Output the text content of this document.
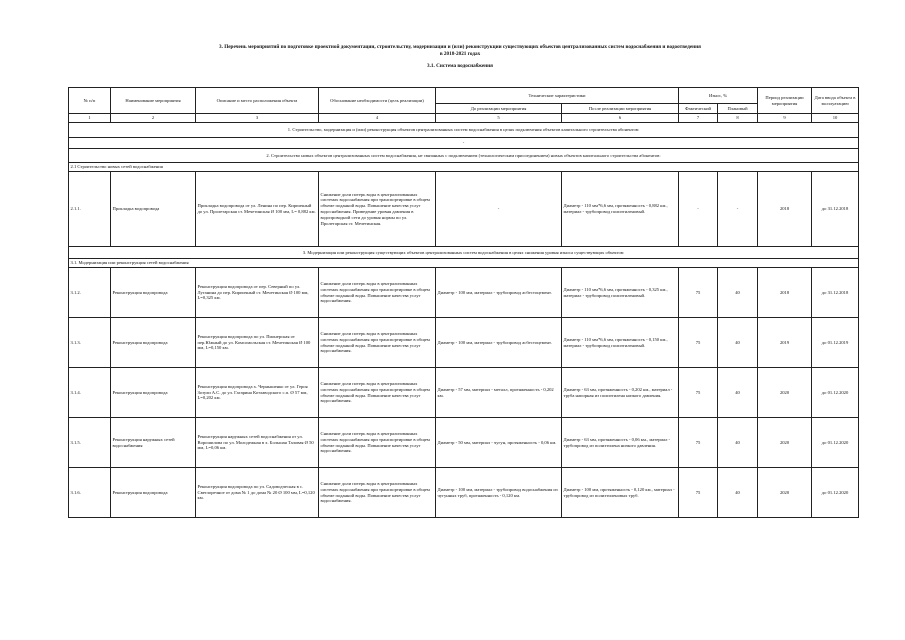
3. Перечень мероприятий по подготовке проектной документации, строительству, модернизации и (или) реконструкции существующих объектов централизованных систем водоснабжения и водоотведения
в 2018-2021 годах
3.1. Система водоснабжения
№ п/п	Наименование мероприятия	Описание и место расположения объекта	Обоснование необходимости (цель реализации)	Технические характеристики		Износ, %		Период реализации мероприятия	Дата ввода объекта в эксплуатацию
				До реализации мероприятия	После реализации мероприятия	Фактический	Плановый		
1	2	3	4	5	6	7	8	9	10
1. Строительство, модернизация и (или) реконструкция объектов централизованных систем водоснабжения в целях подключения объектов капитального строительства абонентов:									
-									
2. Строительство новых объектов централизованных систем водоснабжения, не связанных с подключением (технологическим присоединением) новых объектов капитального строительства абонентов:									
2.1 Строительство новых сетей водоснабжения									
2.1.1.	Прокладка водопровода	Прокладка водопровода от ул. Ленина по пер. Кирпичный до ул. Пролетарская ст. Мечетинская Ø 100 мм, L= 0,882 км.	Снижение доли потерь воды в централизованных системах водоснабжения при транспортировке в общем объеме поданной воды. Повышение качества услуг водоснабжения. Приведение уровня давления в водопроводной сети до уровня нормы по ул. Пролетарская ст. Мечетинская.	-	Диаметр - 110 мм*6,6 мм, протяженность - 0,882 км., материал - трубопровод полиэтиленовый.	-	-	2018	до 31.12.2018
3. Модернизация или реконструкция существующих объектов централизованных систем водоснабжения в целях снижения уровня износа существующих объектов:									
3.1. Модернизация или реконструкция сетей водоснабжения									
3.1.2.	Реконструкция водопровода	Реконструкция водопровода от пер. Северный по ул. Луганина до пер. Кирпичный ст. Мечетинская Ø 100 мм, L=0,325 км.	Снижение доли потерь воды в централизованных системах водоснабжения при транспортировке в общем объеме поданной воды. Повышение качества услуг водоснабжения.	Диаметр - 100 мм, материал - трубопровод асбестоцемент.	Диаметр - 110 мм*6,6 мм, протяженность - 0,325 км., материал - трубопровод полиэтиленовый.	75	40	2018	до 31.12.2018
3.1.3.	Реконструкция водопровода	Реконструкция водопровода по ул. Пионерская от пер.Южный до ул. Комсомольская ст. Мечетинская Ø 100 мм, L=0,150 км.	Снижение доли потерь воды в централизованных системах водоснабжения при транспортировке в общем объеме поданной воды. Повышение качества услуг водоснабжения.	Диаметр - 100 мм, материал - трубопровод асбестоцемент.	Диаметр - 110 мм*6,6 мм, протяженность - 0,150 км., материал - трубопровод полиэтиленовый.	75	40	2019	до 01.12.2019
3.1.4.	Реконструкция водопровода	Реконструкция водопровода х. Чернышенко от ул. Героя Зозули А.С. до ул. Гагарина Котлаводского с.п. Ø 57 мм, L=0,202 км.	Снижение доли потерь воды в централизованных системах водоснабжения при транспортировке в общем объеме поданной воды. Повышение качества услуг водоснабжения.	Диаметр - 57 мм, материал - металл, протяженность - 0,202 км.	Диаметр - 63 мм, протяженность - 0,202 км., материал - труба напорная из полиэтилена низкого давления.	75	40	2020	до 01.12.2020
3.1.5.	Реконструкция наружных сетей водоснабжения	Реконструкция наружных сетей водоснабжения от ул. Ворошилова по ул. Молодежная в х. Большая Таловая Ø 50 мм, L=0,06 км.	Снижение доли потерь воды в централизованных системах водоснабжения при транспортировке в общем объеме поданной воды. Повышение качества услуг водоснабжения.	Диаметр - 50 мм, материал - чугун, протяженность - 0,06 км.	Диаметр - 63 мм, протяженность - 0,06 км., материал - трубопровод из полиэтилена низкого давления.	75	40	2020	до 01.12.2020
3.1.6.	Реконструкция водопровода	Реконструкция водопровода по ул. Садоводческая в с. Светлоречное от дома № 1 до дома № 20 Ø 100 мм, L=0,120 км.	Снижение доли потерь воды в централизованных системах водоснабжения при транспортировке в общем объеме поданной воды. Повышение качества услуг водоснабжения.	Диаметр - 100 мм, материал - трубопровод водоснабжения из чугунных труб, протяженность - 0,120 км.	Диаметр - 100 мм, протяженность - 0,120 км., материал - трубопровод из полиэтиленовых труб.	75	40	2020	до 01.12.2020
